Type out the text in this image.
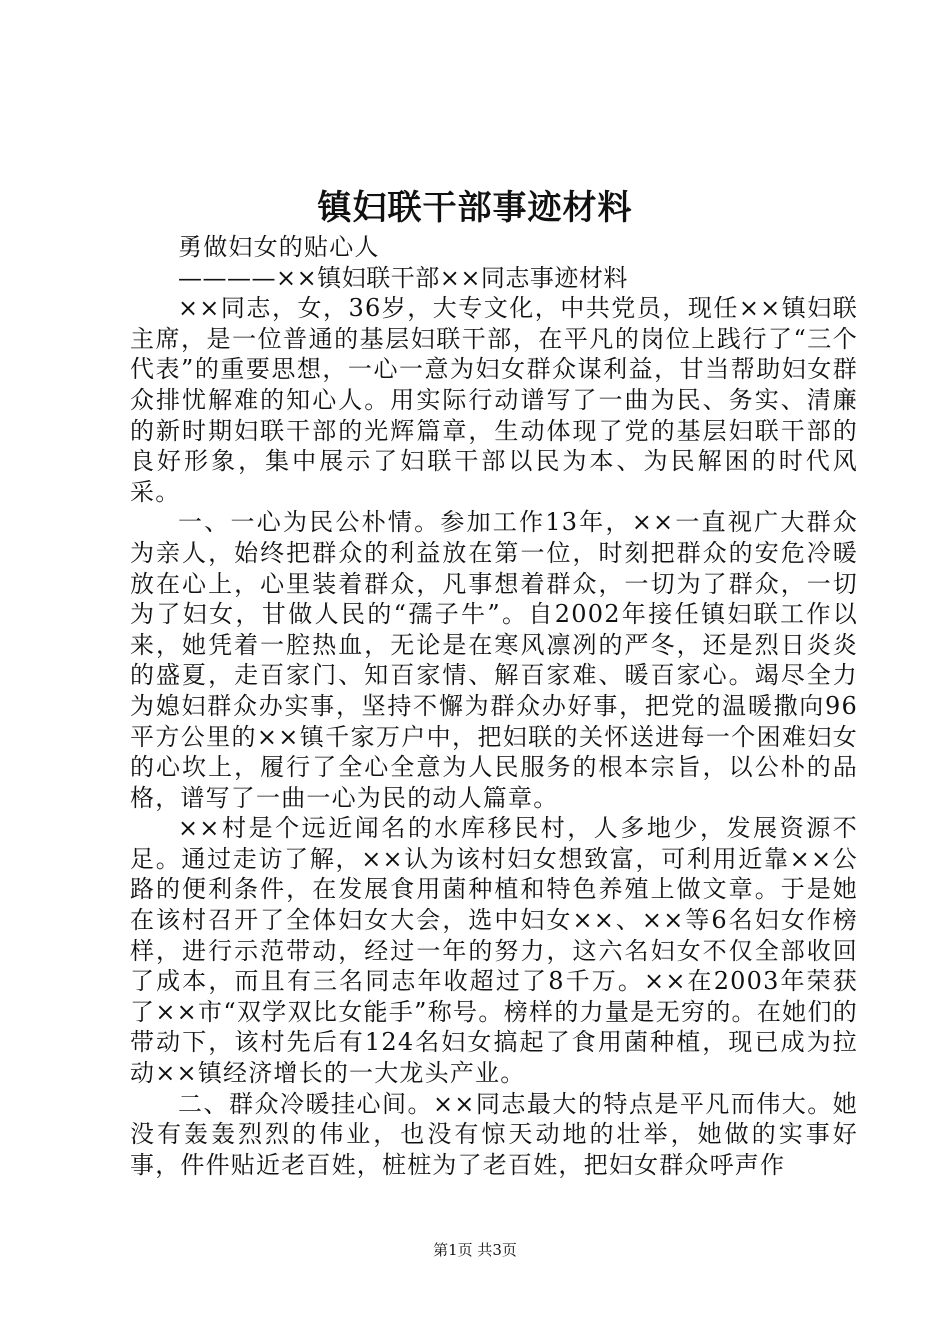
镇妇联干部事迹材料

勇做妇女的贴心人

————××镇妇联干部××同志事迹材料

××同志，女，36岁，大专文化，中共党员，现任××镇妇联主席，是一位普通的基层妇联干部，在平凡的岗位上践行了“三个代表”的重要思想，一心一意为妇女群众谋利益，甘当帮助妇女群众排忧解难的知心人。用实际行动谱写了一曲为民、务实、清廉的新时期妇联干部的光辉篇章，生动体现了党的基层妇联干部的良好形象，集中展示了妇联干部以民为本、为民解困的时代风采。

一、一心为民公朴情。参加工作13年，××一直视广大群众为亲人，始终把群众的利益放在第一位，时刻把群众的安危冷暖放在心上，心里装着群众，凡事想着群众，一切为了群众，一切为了妇女，甘做人民的“孺子牛”。自2002年接任镇妇联工作以来，她凭着一腔热血，无论是在寒风凛冽的严冬，还是烈日炎炎的盛夏，走百家门、知百家情、解百家难、暖百家心。竭尽全力为媳妇群众办实事，坚持不懈为群众办好事，把党的温暖撒向96平方公里的××镇千家万户中，把妇联的关怀送进每一个困难妇女的心坎上，履行了全心全意为人民服务的根本宗旨，以公朴的品格，谱写了一曲一心为民的动人篇章。

××村是个远近闻名的水库移民村，人多地少，发展资源不足。通过走访了解，××认为该村妇女想致富，可利用近靠××公路的便利条件，在发展食用菌种植和特色养殖上做文章。于是她在该村召开了全体妇女大会，选中妇女××、××等6名妇女作榜样，进行示范带动，经过一年的努力，这六名妇女不仅全部收回了成本，而且有三名同志年收超过了8千万。××在2003年荣获了××市“双学双比女能手”称号。榜样的力量是无穷的。在她们的带动下，该村先后有124名妇女搞起了食用菌种植，现已成为拉动××镇经济增长的一大龙头产业。

二、群众冷暖挂心间。××同志最大的特点是平凡而伟大。她没有轰轰烈烈的伟业，也没有惊天动地的壮举，她做的实事好事，件件贴近老百姓，桩桩为了老百姓，把妇女群众呼声作

第1页 共3页
